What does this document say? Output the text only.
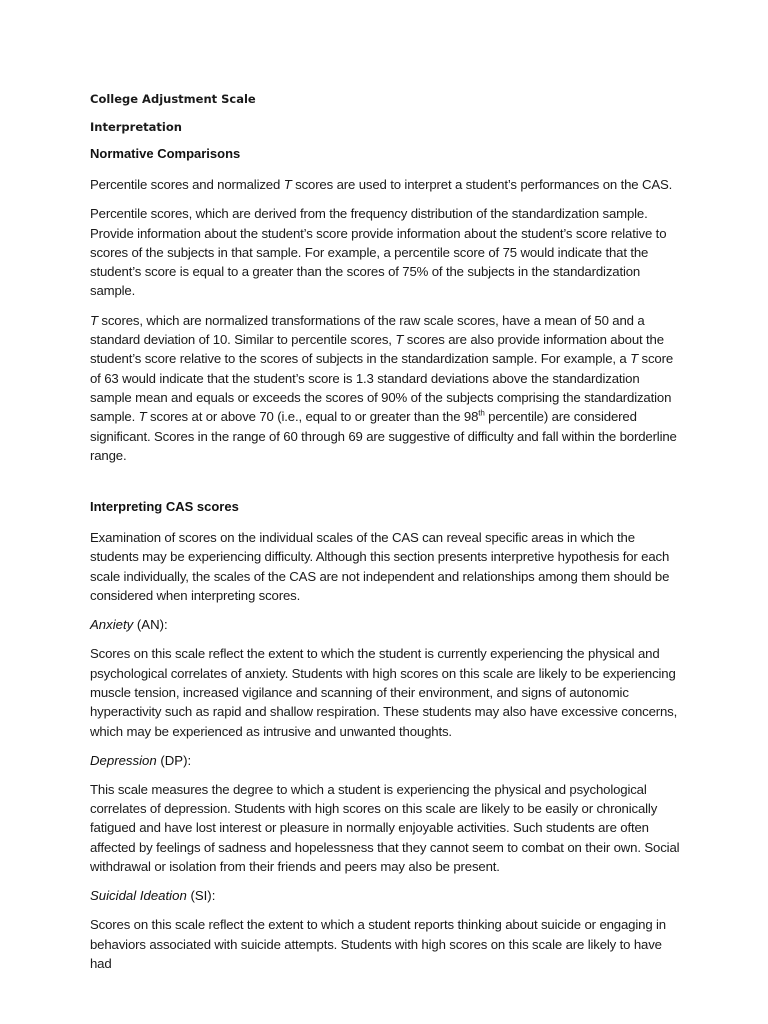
College Adjustment Scale
Interpretation
Normative Comparisons

Percentile scores and normalized T scores are used to interpret a student’s performances on the CAS.

Percentile scores, which are derived from the frequency distribution of the standardization sample. Provide information about the student’s score provide information about the student’s score relative to scores of the subjects in that sample. For example, a percentile score of 75 would indicate that the student’s score is equal to a greater than the scores of 75% of the subjects in the standardization sample.

T scores, which are normalized transformations of the raw scale scores, have a mean of 50 and a standard deviation of 10. Similar to percentile scores, T scores are also provide information about the student’s score relative to the scores of subjects in the standardization sample. For example, a T score of 63 would indicate that the student’s score is 1.3 standard deviations above the standardization sample mean and equals or exceeds the scores of 90% of the subjects comprising the standardization sample. T scores at or above 70 (i.e., equal to or greater than the 98th percentile) are considered significant. Scores in the range of 60 through 69 are suggestive of difficulty and fall within the borderline range.

Interpreting CAS scores

Examination of scores on the individual scales of the CAS can reveal specific areas in which the students may be experiencing difficulty. Although this section presents interpretive hypothesis for each scale individually, the scales of the CAS are not independent and relationships among them should be considered when interpreting scores.

Anxiety (AN):

Scores on this scale reflect the extent to which the student is currently experiencing the physical and psychological correlates of anxiety. Students with high scores on this scale are likely to be experiencing muscle tension, increased vigilance and scanning of their environment, and signs of autonomic hyperactivity such as rapid and shallow respiration. These students may also have excessive concerns, which may be experienced as intrusive and unwanted thoughts.

Depression (DP):

This scale measures the degree to which a student is experiencing the physical and psychological correlates of depression. Students with high scores on this scale are likely to be easily or chronically fatigued and have lost interest or pleasure in normally enjoyable activities. Such students are often affected by feelings of sadness and hopelessness that they cannot seem to combat on their own. Social withdrawal or isolation from their friends and peers may also be present.

Suicidal Ideation (SI):

Scores on this scale reflect the extent to which a student reports thinking about suicide or engaging in behaviors associated with suicide attempts. Students with high scores on this scale are likely to have had
